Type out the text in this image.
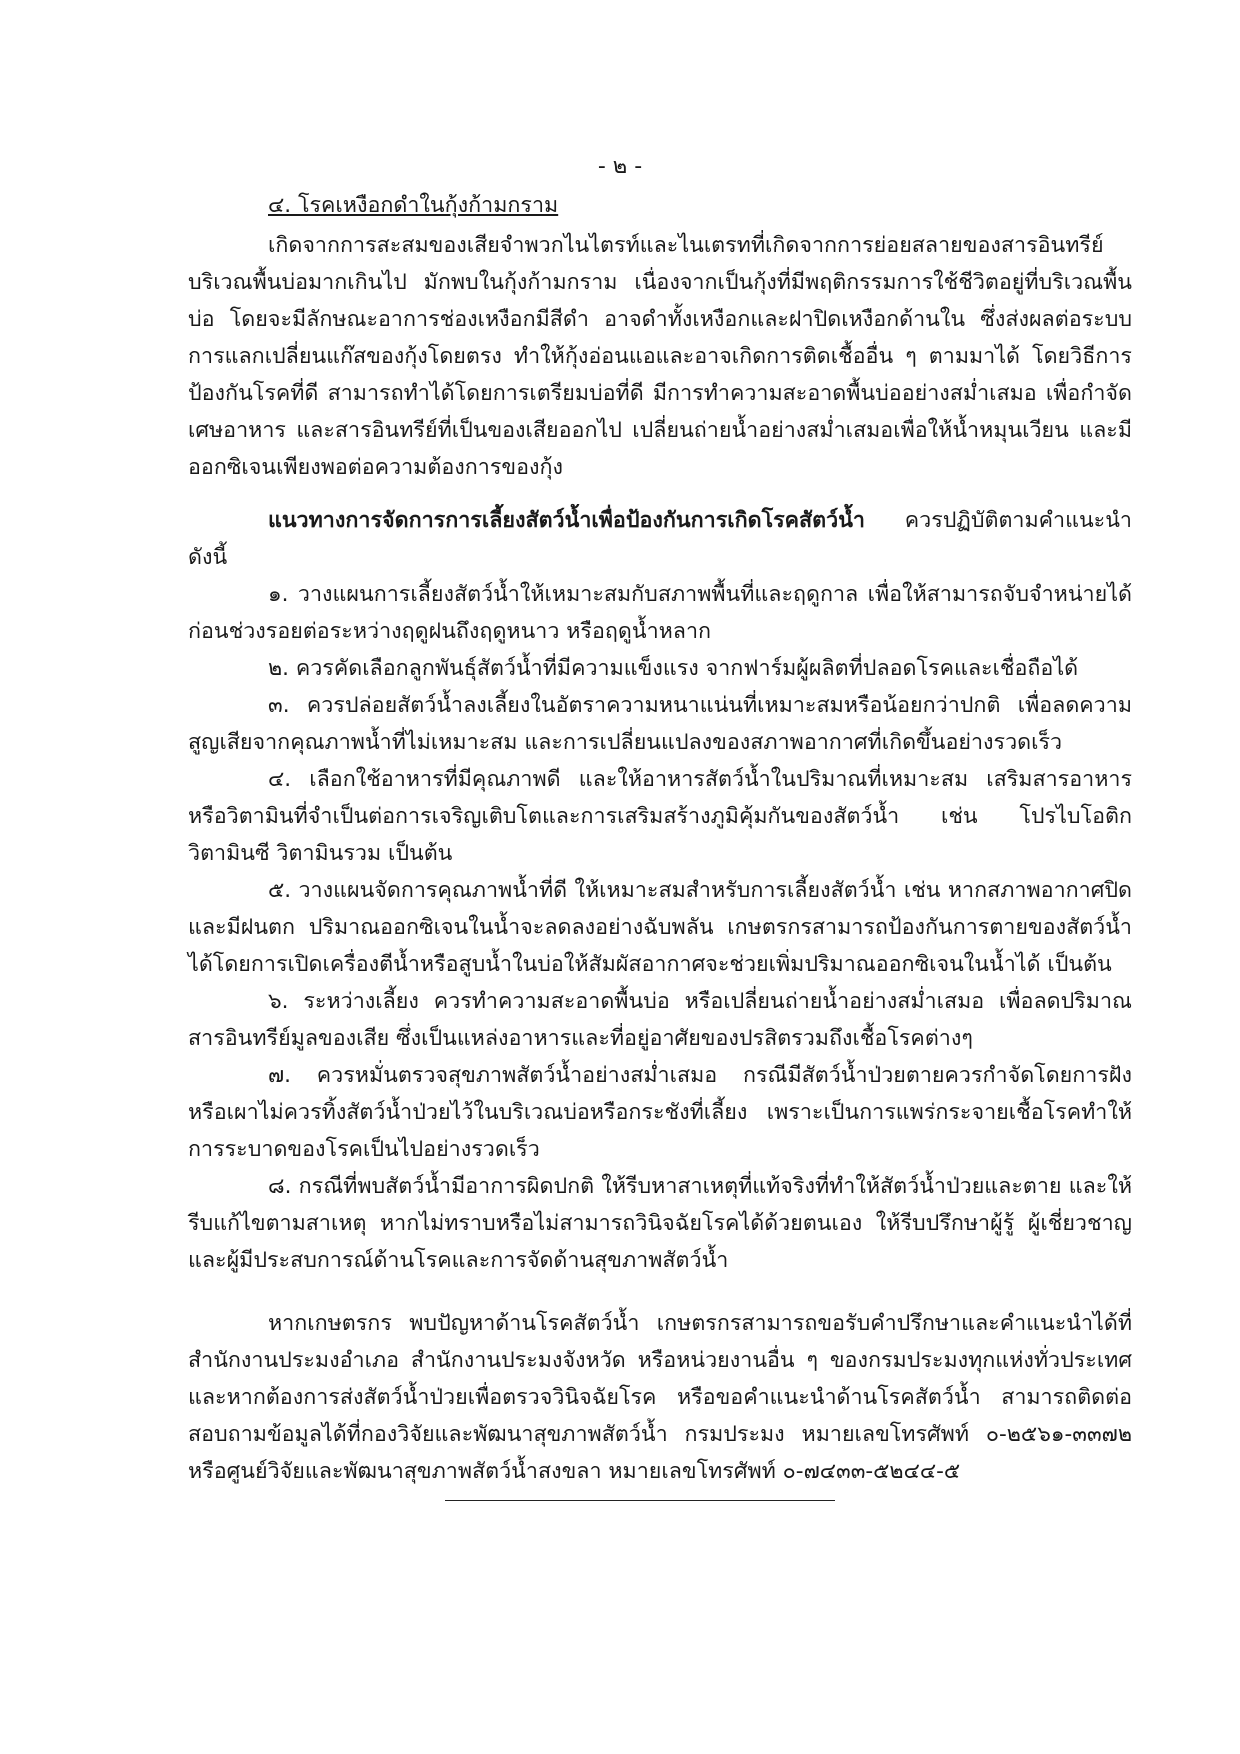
- ๒ -
๔. โรคเหงือกดำในกุ้งก้ามกราม

เกิดจากการสะสมของเสียจำพวกไนไตรท์และไนเตรทที่เกิดจากการย่อยสลายของสารอินทรีย์บริเวณพื้นบ่อมากเกินไป มักพบในกุ้งก้ามกราม เนื่องจากเป็นกุ้งที่มีพฤติกรรมการใช้ชีวิตอยู่ที่บริเวณพื้นบ่อ โดยจะมีลักษณะอาการช่องเหงือกมีสีดำ อาจดำทั้งเหงือกและฝาปิดเหงือกด้านใน ซึ่งส่งผลต่อระบบการแลกเปลี่ยนแก๊สของกุ้งโดยตรง ทำให้กุ้งอ่อนแอและอาจเกิดการติดเชื้ออื่น ๆ ตามมาได้ โดยวิธีการป้องกันโรคที่ดี สามารถทำได้โดยการเตรียมบ่อที่ดี มีการทำความสะอาดพื้นบ่ออย่างสม่ำเสมอ เพื่อกำจัดเศษอาหาร และสารอินทรีย์ที่เป็นของเสียออกไป เปลี่ยนถ่ายน้ำอย่างสม่ำเสมอเพื่อให้น้ำหมุนเวียน และมีออกซิเจนเพียงพอต่อความต้องการของกุ้ง

แนวทางการจัดการการเลี้ยงสัตว์น้ำเพื่อป้องกันการเกิดโรคสัตว์น้ำ ควรปฏิบัติตามคำแนะนำ ดังนี้

๑. วางแผนการเลี้ยงสัตว์น้ำให้เหมาะสมกับสภาพพื้นที่และฤดูกาล เพื่อให้สามารถจับจำหน่ายได้ก่อนช่วงรอยต่อระหว่างฤดูฝนถึงฤดูหนาว หรือฤดูน้ำหลาก
๒. ควรคัดเลือกลูกพันธุ์สัตว์น้ำที่มีความแข็งแรง จากฟาร์มผู้ผลิตที่ปลอดโรคและเชื่อถือได้
๓. ควรปล่อยสัตว์น้ำลงเลี้ยงในอัตราความหนาแน่นที่เหมาะสมหรือน้อยกว่าปกติ เพื่อลดความสูญเสียจากคุณภาพน้ำที่ไม่เหมาะสม และการเปลี่ยนแปลงของสภาพอากาศที่เกิดขึ้นอย่างรวดเร็ว
๔. เลือกใช้อาหารที่มีคุณภาพดี และให้อาหารสัตว์น้ำในปริมาณที่เหมาะสม เสริมสารอาหารหรือวิตามินที่จำเป็นต่อการเจริญเติบโตและการเสริมสร้างภูมิคุ้มกันของสัตว์น้ำ เช่น โปรไบโอติก วิตามินซี วิตามินรวม เป็นต้น
๕. วางแผนจัดการคุณภาพน้ำที่ดี ให้เหมาะสมสำหรับการเลี้ยงสัตว์น้ำ เช่น หากสภาพอากาศปิดและมีฝนตก ปริมาณออกซิเจนในน้ำจะลดลงอย่างฉับพลัน เกษตรกรสามารถป้องกันการตายของสัตว์น้ำได้โดยการเปิดเครื่องตีน้ำหรือสูบน้ำในบ่อให้สัมผัสอากาศจะช่วยเพิ่มปริมาณออกซิเจนในน้ำได้ เป็นต้น
๖. ระหว่างเลี้ยง ควรทำความสะอาดพื้นบ่อ หรือเปลี่ยนถ่ายน้ำอย่างสม่ำเสมอ เพื่อลดปริมาณสารอินทรีย์มูลของเสีย ซึ่งเป็นแหล่งอาหารและที่อยู่อาศัยของปรสิตรวมถึงเชื้อโรคต่างๆ
๗. ควรหมั่นตรวจสุขภาพสัตว์น้ำอย่างสม่ำเสมอ กรณีมีสัตว์น้ำป่วยตายควรกำจัดโดยการฝังหรือเผาไม่ควรทิ้งสัตว์น้ำป่วยไว้ในบริเวณบ่อหรือกระชังที่เลี้ยง เพราะเป็นการแพร่กระจายเชื้อโรคทำให้การระบาดของโรคเป็นไปอย่างรวดเร็ว
๘. กรณีที่พบสัตว์น้ำมีอาการผิดปกติ ให้รีบหาสาเหตุที่แท้จริงที่ทำให้สัตว์น้ำป่วยและตาย และให้รีบแก้ไขตามสาเหตุ หากไม่ทราบหรือไม่สามารถวินิจฉัยโรคได้ด้วยตนเอง ให้รีบปรึกษาผู้รู้ ผู้เชี่ยวชาญและผู้มีประสบการณ์ด้านโรคและการจัดด้านสุขภาพสัตว์น้ำ

หากเกษตรกร พบปัญหาด้านโรคสัตว์น้ำ เกษตรกรสามารถขอรับคำปรึกษาและคำแนะนำได้ที่สำนักงานประมงอำเภอ สำนักงานประมงจังหวัด หรือหน่วยงานอื่น ๆ ของกรมประมงทุกแห่งทั่วประเทศ และหากต้องการส่งสัตว์น้ำป่วยเพื่อตรวจวินิจฉัยโรค หรือขอคำแนะนำด้านโรคสัตว์น้ำ สามารถติดต่อสอบถามข้อมูลได้ที่กองวิจัยและพัฒนาสุขภาพสัตว์น้ำ กรมประมง หมายเลขโทรศัพท์ ๐-๒๕๖๑-๓๓๗๒ หรือศูนย์วิจัยและพัฒนาสุขภาพสัตว์น้ำสงขลา หมายเลขโทรศัพท์ ๐-๗๔๓๓-๕๒๔๔-๕
